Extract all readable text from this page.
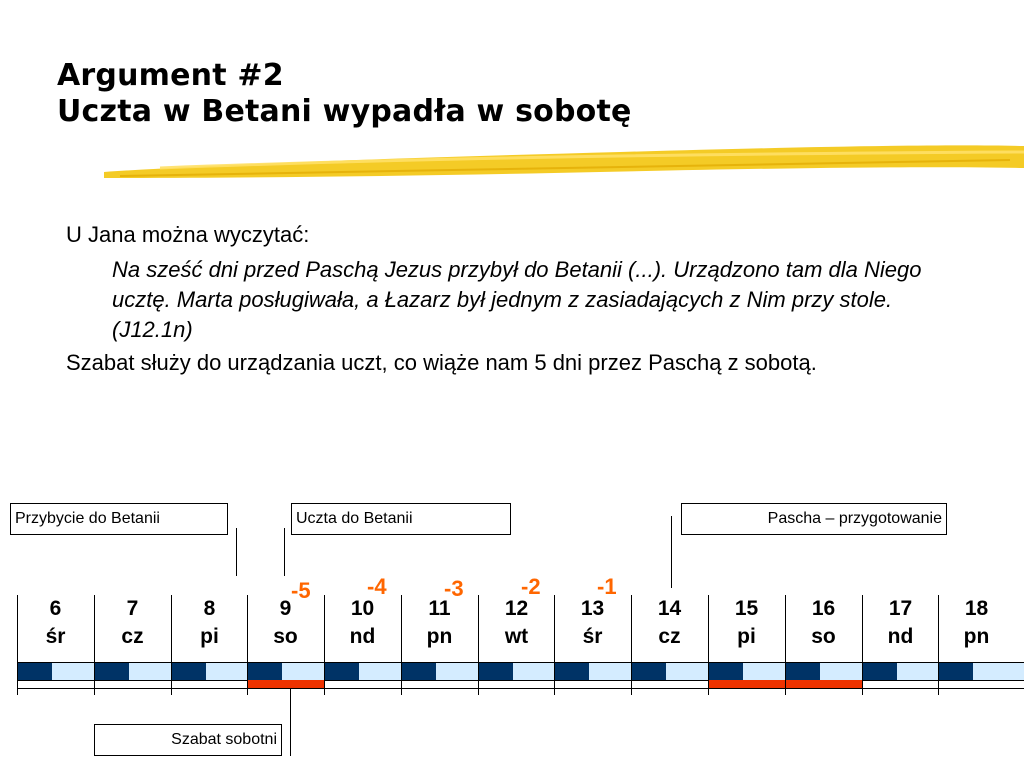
Argument #2
Uczta w Betani wypadła w sobotę

U Jana można wyczytać:

Na sześć dni przed Paschą Jezus przybył do Betanii (...). Urządzono tam dla Niego ucztę. Marta posługiwała, a Łazarz był jednym z zasiadających z Nim przy stole. (J12.1n)

Szabat służy do urządzania uczt, co wiąże nam 5 dni przez Paschą z sobotą.

Przybycie do Betanii	Uczta do Betanii	Pascha – przygotowanie
Szabat sobotni
-5	-4	-3	-2	-1
6
śr
7
cz
8
pi
9
so
10
nd
11
pn
12
wt
13
śr
14
cz
15
pi
16
so
17
nd
18
pn
